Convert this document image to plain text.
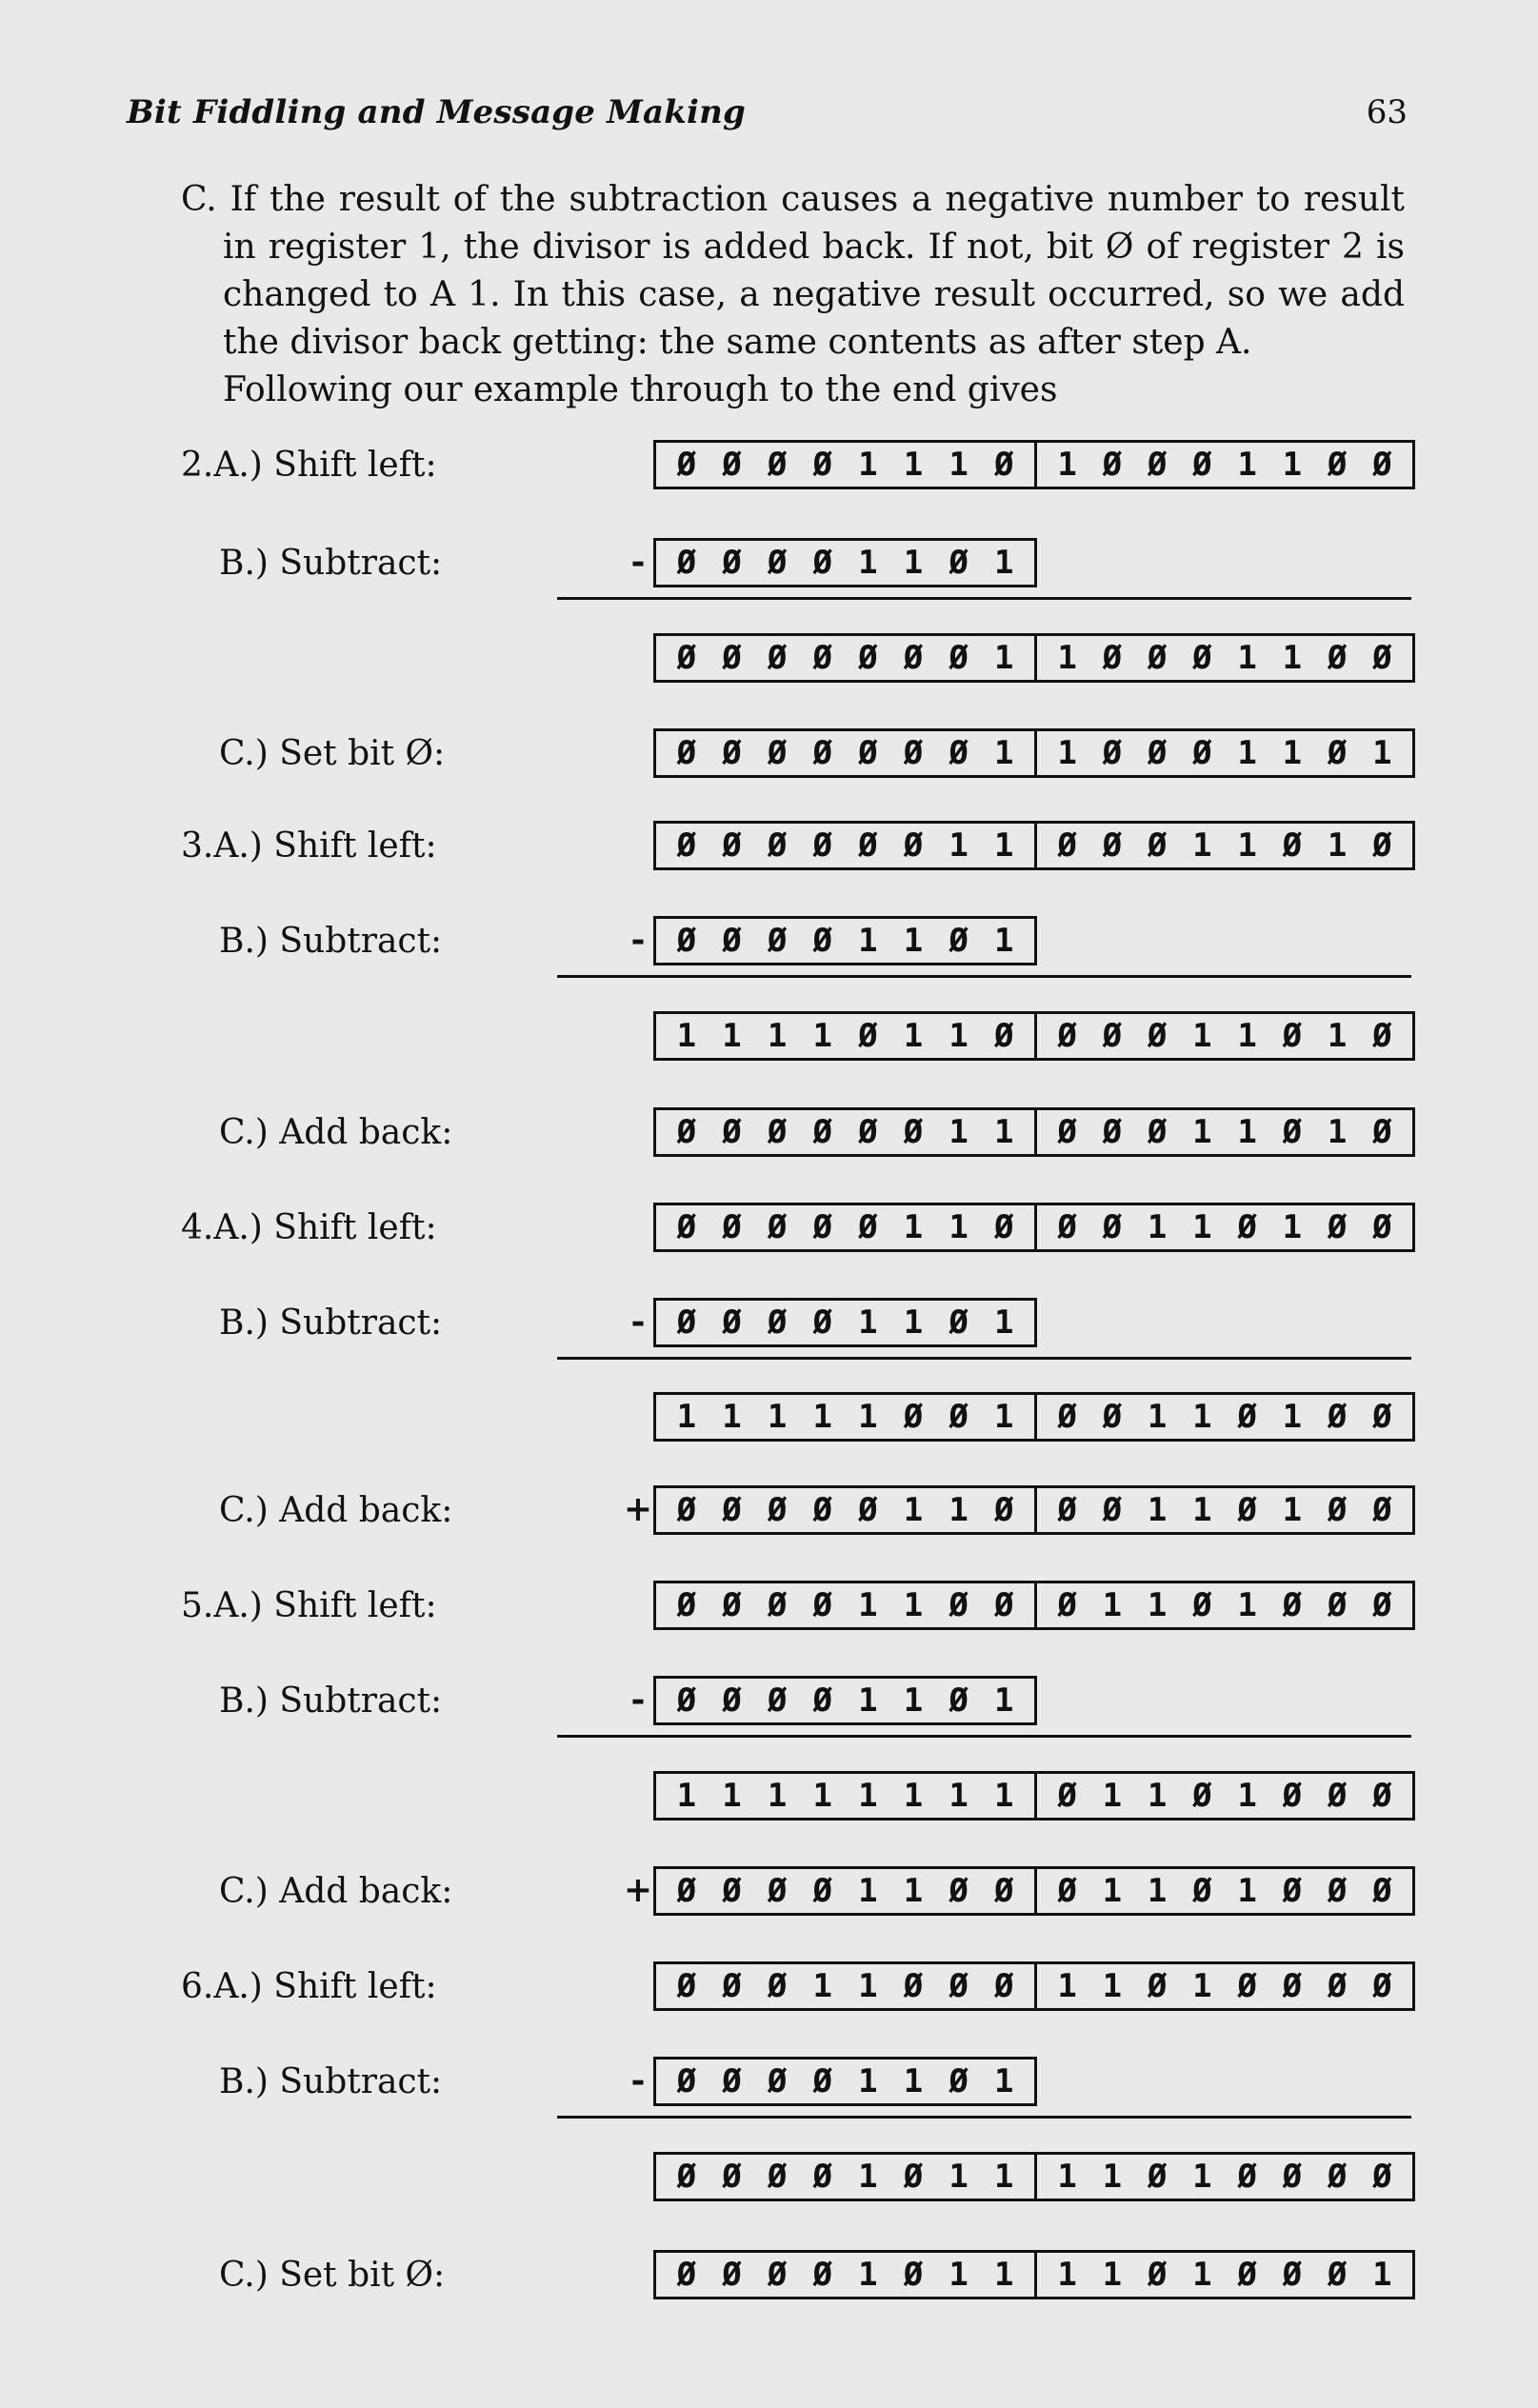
Bit Fiddling and Message Making	63

C. If the result of the subtraction causes a negative number to result in register 1, the divisor is added back. If not, bit Ø of register 2 is changed to A 1. In this case, a negative result occurred, so we add the divisor back getting: the same contents as after step A.

Following our example through to the end gives

2.A.) Shift left:	Ø Ø Ø Ø 1 1 1 Ø 1 Ø Ø Ø 1 1 Ø Ø
B.) Subtract:	- Ø Ø Ø Ø 1 1 Ø 1
Ø Ø Ø Ø Ø Ø Ø 1 1 Ø Ø Ø 1 1 Ø Ø
C.) Set bit Ø:	Ø Ø Ø Ø Ø Ø Ø 1 1 Ø Ø Ø 1 1 Ø 1
3.A.) Shift left:	Ø Ø Ø Ø Ø Ø 1 1 Ø Ø Ø 1 1 Ø 1 Ø
B.) Subtract:	- Ø Ø Ø Ø 1 1 Ø 1
1 1 1 1 Ø 1 1 Ø Ø Ø Ø 1 1 Ø 1 Ø
C.) Add back:	Ø Ø Ø Ø Ø Ø 1 1 Ø Ø Ø 1 1 Ø 1 Ø
4.A.) Shift left:	Ø Ø Ø Ø Ø 1 1 Ø Ø Ø 1 1 Ø 1 Ø Ø
B.) Subtract:	- Ø Ø Ø Ø 1 1 Ø 1
1 1 1 1 1 Ø Ø 1 Ø Ø 1 1 Ø 1 Ø Ø
C.) Add back:	+ Ø Ø Ø Ø Ø 1 1 Ø Ø Ø 1 1 Ø 1 Ø Ø
5.A.) Shift left:	Ø Ø Ø Ø 1 1 Ø Ø Ø 1 1 Ø 1 Ø Ø Ø
B.) Subtract:	- Ø Ø Ø Ø 1 1 Ø 1
1 1 1 1 1 1 1 1 Ø 1 1 Ø 1 Ø Ø Ø
C.) Add back:	+ Ø Ø Ø Ø 1 1 Ø Ø Ø 1 1 Ø 1 Ø Ø Ø
6.A.) Shift left:	Ø Ø Ø 1 1 Ø Ø Ø 1 1 Ø 1 Ø Ø Ø Ø
B.) Subtract:	- Ø Ø Ø Ø 1 1 Ø 1
Ø Ø Ø Ø 1 Ø 1 1 1 1 Ø 1 Ø Ø Ø Ø
C.) Set bit Ø:	Ø Ø Ø Ø 1 Ø 1 1 1 1 Ø 1 Ø Ø Ø 1
